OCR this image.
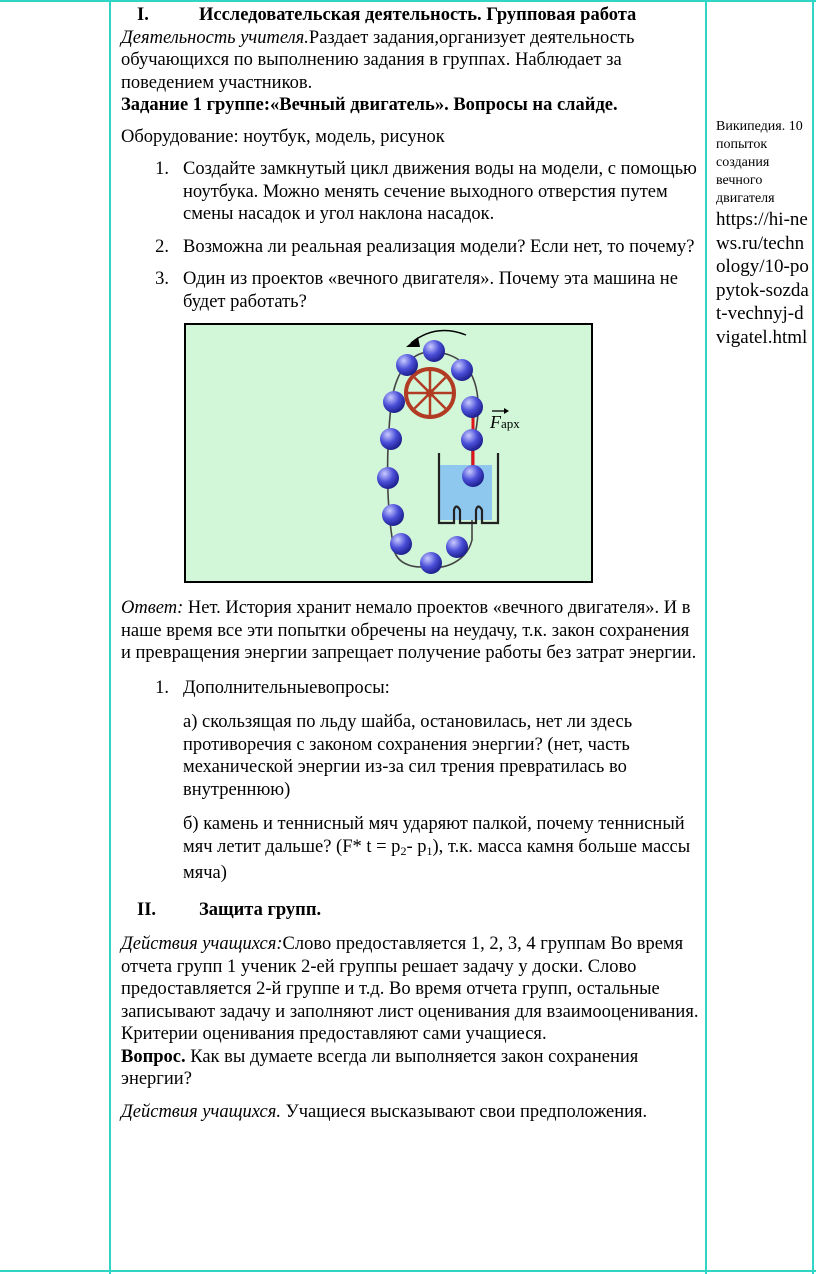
I.	Исследовательская деятельность. Групповая работа

Деятельность учителя.Раздает задания,организует деятельность обучающихся по выполнению задания в группах. Наблюдает за поведением участников.

Задание 1 группе:«Вечный двигатель». Вопросы на слайде.

Оборудование: ноутбук, модель, рисунок

1. Создайте замкнутый цикл движения воды на модели, с помощью ноутбука. Можно менять сечение выходного отверстия путем смены насадок и угол наклона насадок.
2. Возможна ли реальная реализация модели? Если нет, то почему?
3. Один из проектов «вечного двигателя». Почему эта машина не будет работать?
Fарх

Ответ: Нет. История хранит немало проектов «вечного двигателя». И в наше время все эти попытки обречены на неудачу, т.к. закон сохранения и превращения энергии запрещает получение работы без затрат энергии.

1. Дополнительныевопросы:

а) скользящая по льду шайба, остановилась, нет ли здесь противоречия с законом сохранения энергии? (нет, часть механической энергии из-за сил трения превратилась во внутреннюю)

б) камень и теннисный мяч ударяют палкой, почему теннисный мяч летит дальше? (F* $t = p_2-$ $p_1$), т.к. масса камня больше массы мяча)

II.	Защита групп.

Действия учащихся:Слово предоставляется 1, 2, 3, 4 группам Во время отчета групп 1 ученик 2-ей группы решает задачу у доски. Слово предоставляется 2-й группе и т.д. Во время отчета групп, остальные записывают задачу и заполняют лист оценивания для взаимооценивания. Критерии оценивания предоставляют сами учащиеся.

Вопрос. Как вы думаете всегда ли выполняется закон сохранения энергии?

Действия учащихся. Учащиеся высказывают свои предположения.

Википедия. 10 попыток создания вечного двигателя

https://hi-news.ru/technology/10-popytok-sozdat-vechnyj-dvigatel.html
